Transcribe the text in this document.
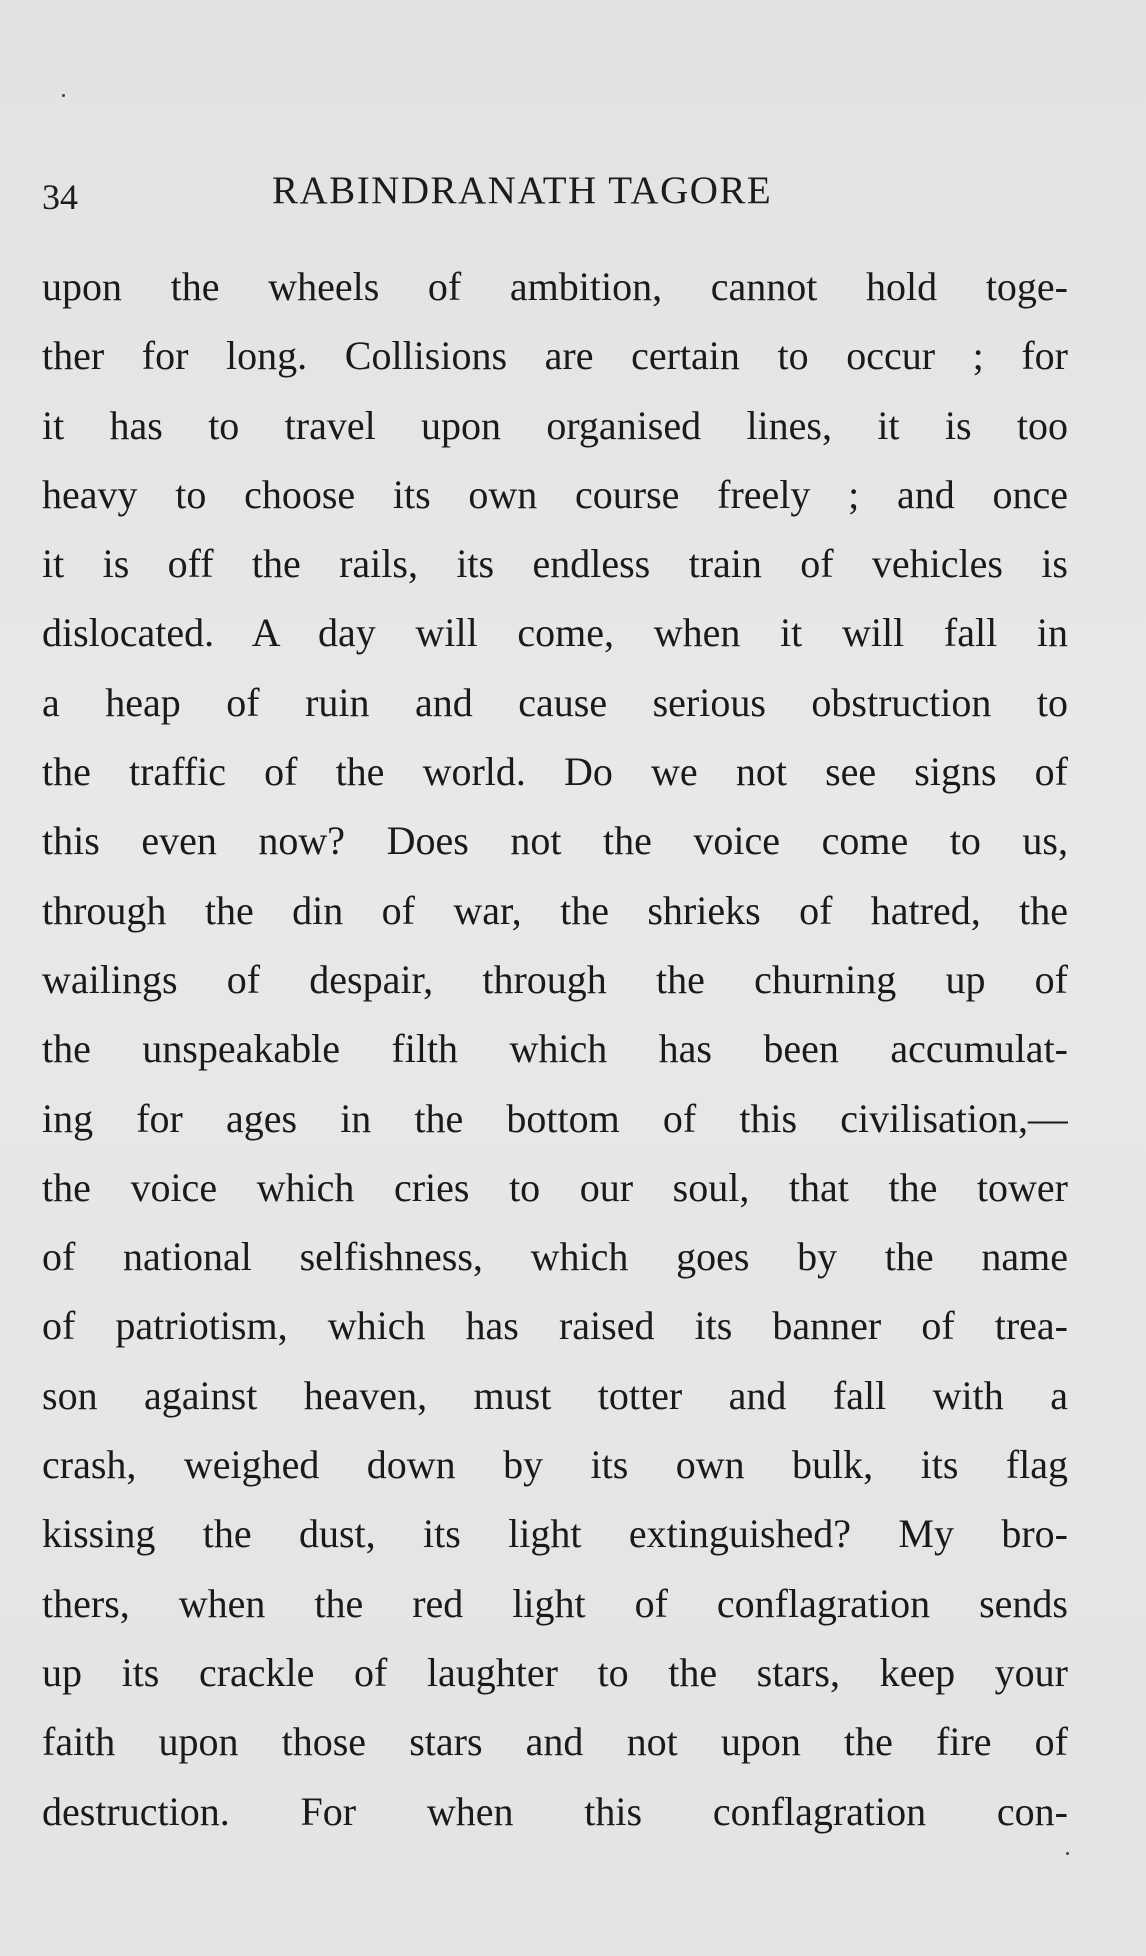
34	RABINDRANATH TAGORE
upon the wheels of ambition, cannot hold toge-
ther for long. Collisions are certain to occur ; for
it has to travel upon organised lines, it is too
heavy to choose its own course freely ; and once
it is off the rails, its endless train of vehicles is
dislocated. A day will come, when it will fall in
a heap of ruin and cause serious obstruction to
the traffic of the world. Do we not see signs of
this even now? Does not the voice come to us,
through the din of war, the shrieks of hatred, the
wailings of despair, through the churning up of
the unspeakable filth which has been accumulat-
ing for ages in the bottom of this civilisation,—
the voice which cries to our soul, that the tower
of national selfishness, which goes by the name
of patriotism, which has raised its banner of trea-
son against heaven, must totter and fall with a
crash, weighed down by its own bulk, its flag
kissing the dust, its light extinguished? My bro-
thers, when the red light of conflagration sends
up its crackle of laughter to the stars, keep your
faith upon those stars and not upon the fire of
destruction. For when this conflagration con-
